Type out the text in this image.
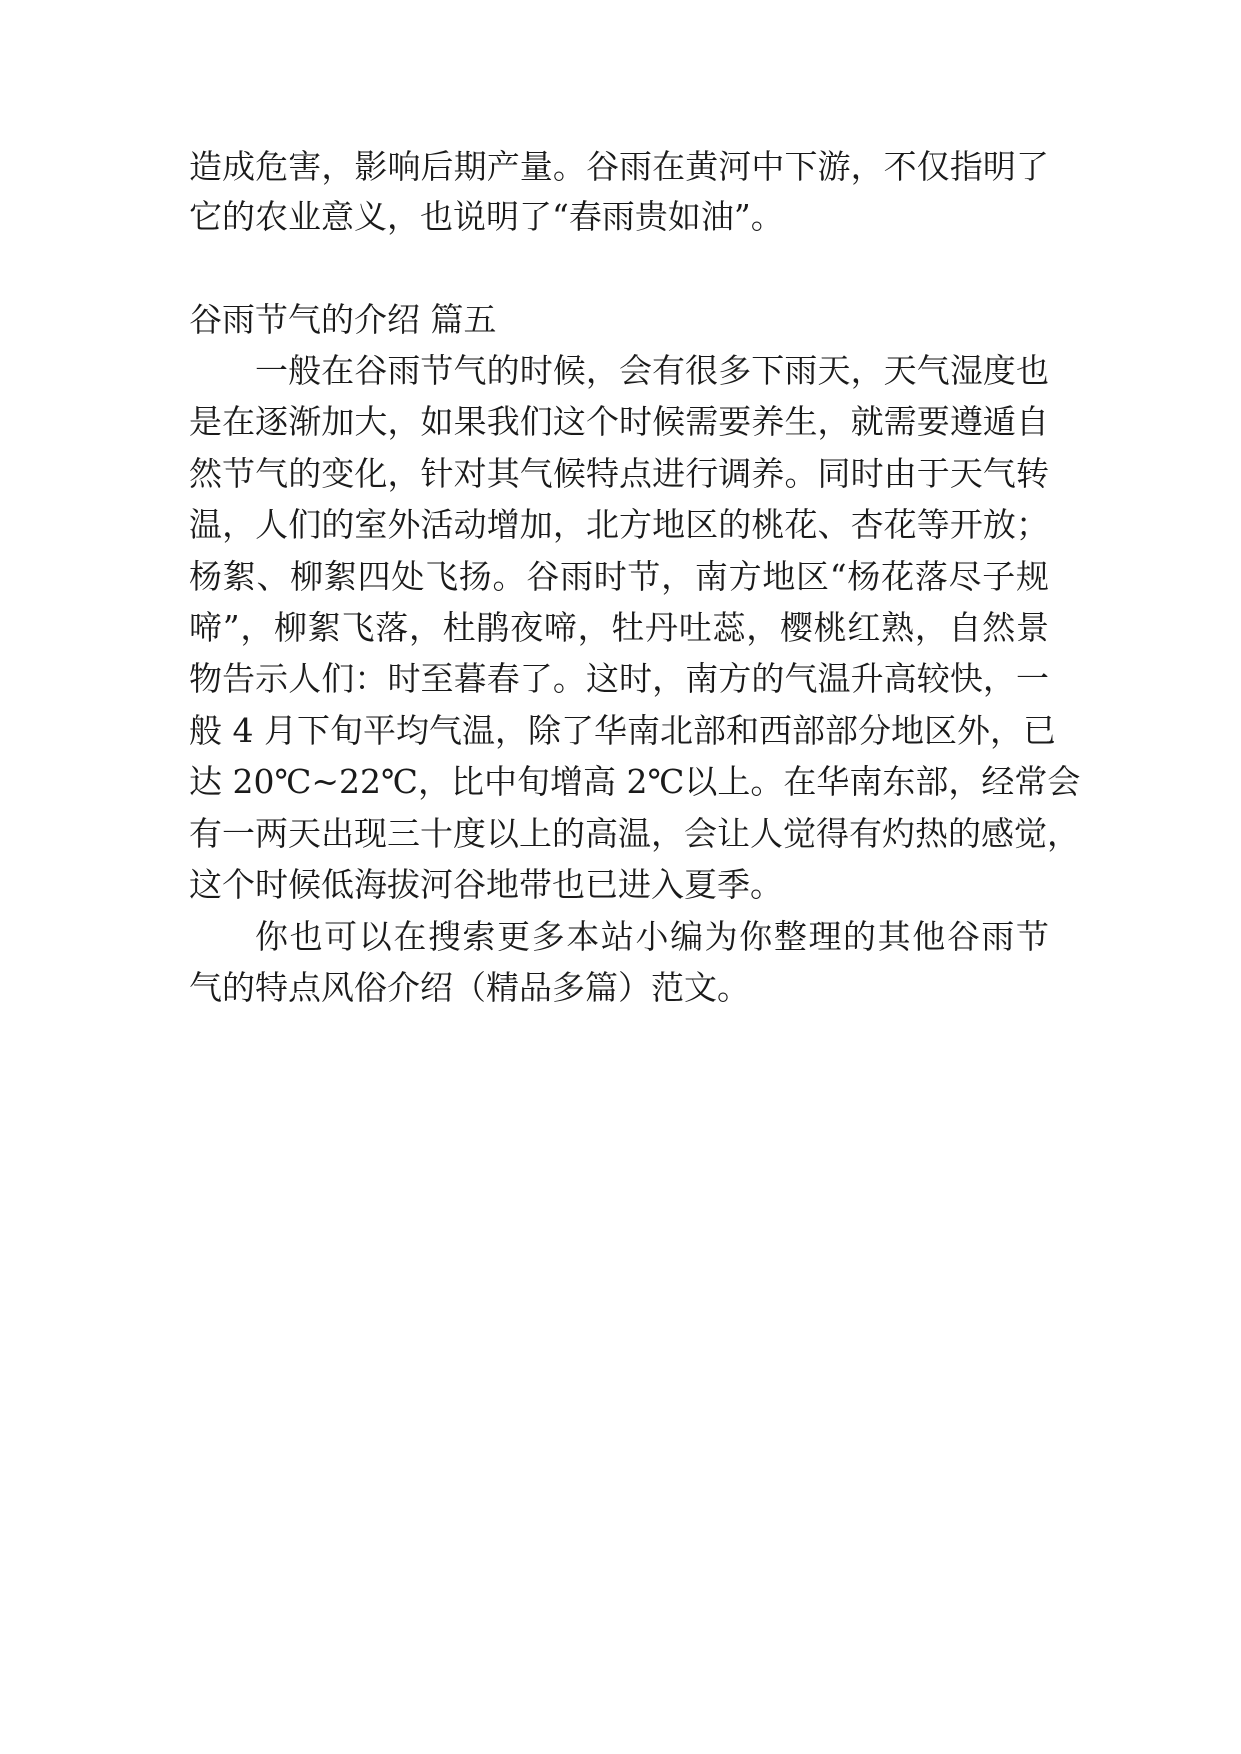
造成危害，影响后期产量。谷雨在黄河中下游，不仅指明了
它的农业意义，也说明了“春雨贵如油”。
谷雨节气的介绍 篇五
一般在谷雨节气的时候，会有很多下雨天，天气湿度也
是在逐渐加大，如果我们这个时候需要养生，就需要遵遁自
然节气的变化，针对其气候特点进行调养。同时由于天气转
温，人们的室外活动增加，北方地区的桃花、杏花等开放；
杨絮、柳絮四处飞扬。谷雨时节，南方地区“杨花落尽子规
啼”，柳絮飞落，杜鹃夜啼，牡丹吐蕊，樱桃红熟，自然景
物告示人们：时至暮春了。这时，南方的气温升高较快，一
般 4 月下旬平均气温，除了华南北部和西部部分地区外，已
达 20℃~22℃，比中旬增高 2℃以上。在华南东部，经常会
有一两天出现三十度以上的高温，会让人觉得有灼热的感觉，
这个时候低海拔河谷地带也已进入夏季。
你也可以在搜索更多本站小编为你整理的其他谷雨节
气的特点风俗介绍（精品多篇）范文。
